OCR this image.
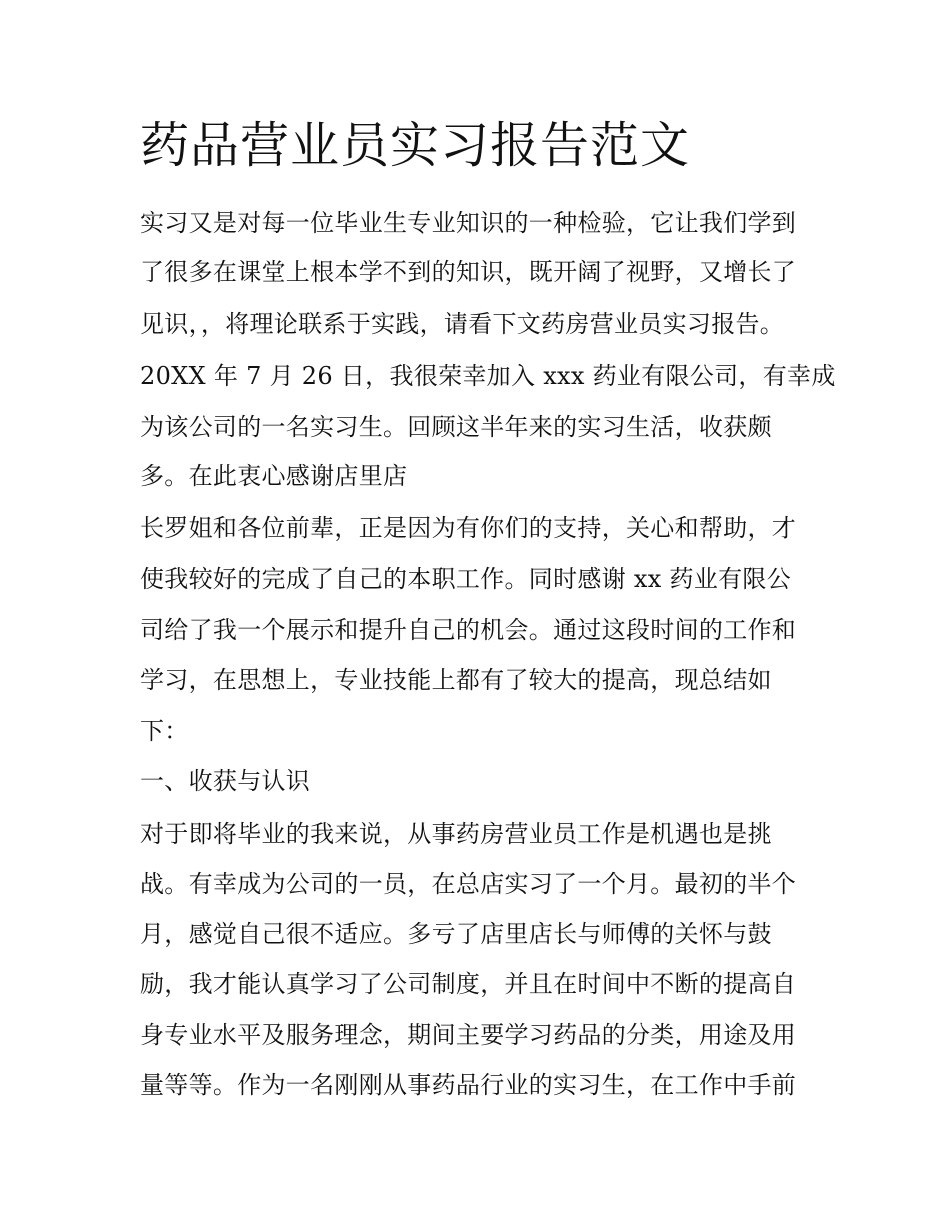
药品营业员实习报告范文
实习又是对每一位毕业生专业知识的一种检验，它让我们学到
了很多在课堂上根本学不到的知识，既开阔了视野，又增长了
见识，，将理论联系于实践，请看下文药房营业员实习报告。
20XX 年 7 月 26 日，我很荣幸加入 xxx 药业有限公司，有幸成
为该公司的一名实习生。回顾这半年来的实习生活，收获颇
多。在此衷心感谢店里店
长罗姐和各位前辈，正是因为有你们的支持，关心和帮助，才
使我较好的完成了自己的本职工作。同时感谢 xx 药业有限公
司给了我一个展示和提升自己的机会。通过这段时间的工作和
学习，在思想上，专业技能上都有了较大的提高，现总结如
下：
一、收获与认识
对于即将毕业的我来说，从事药房营业员工作是机遇也是挑
战。有幸成为公司的一员，在总店实习了一个月。最初的半个
月，感觉自己很不适应。多亏了店里店长与师傅的关怀与鼓
励，我才能认真学习了公司制度，并且在时间中不断的提高自
身专业水平及服务理念，期间主要学习药品的分类，用途及用
量等等。作为一名刚刚从事药品行业的实习生，在工作中手前
